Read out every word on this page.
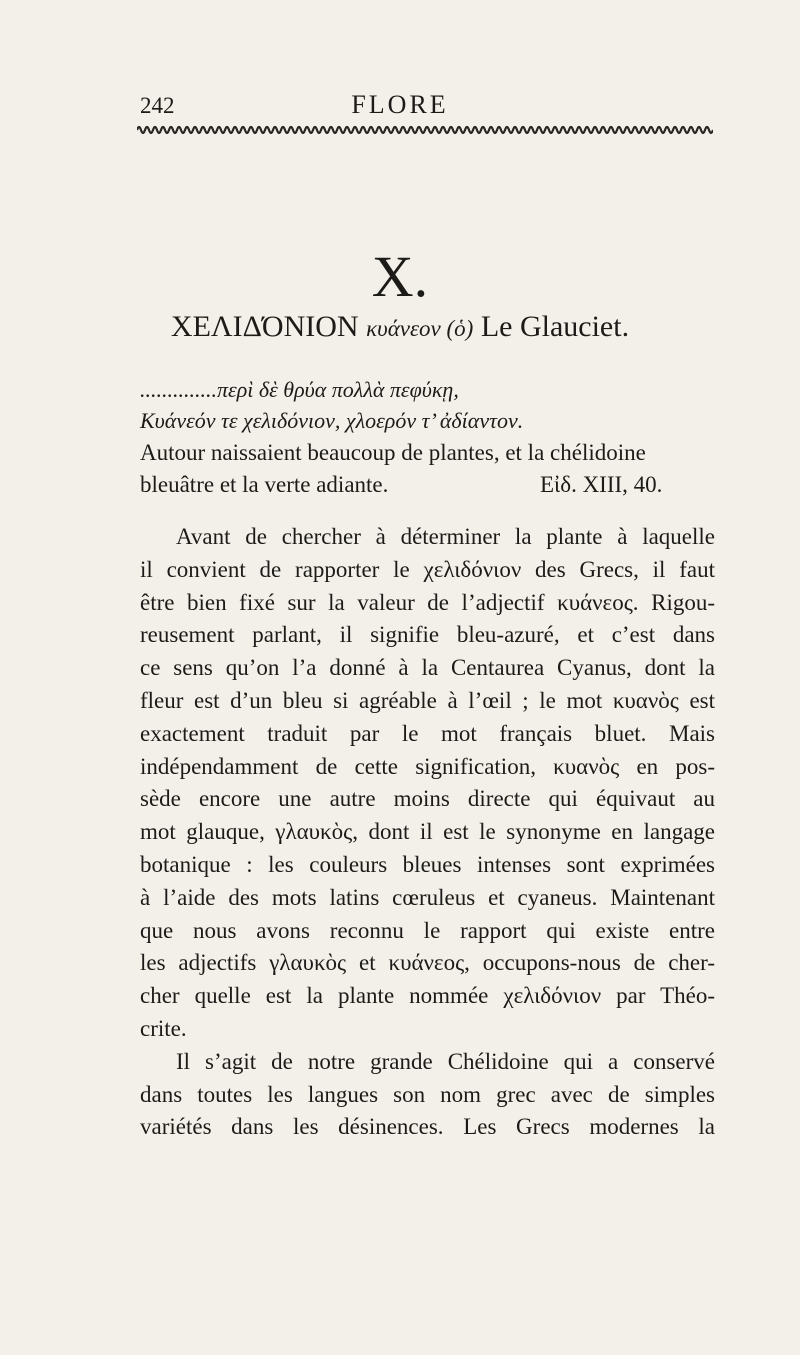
242	FLORE
X.
ΧΕΛΙΔΌΝΙΟΝ κυάνεον (ὁ) Le Glauciet.
..............περὶ δὲ θρύα πολλὰ πεφύκῃ,
Κυάνεόν τε χελιδόνιον, χλοερόν τ’ ἀδίαντον.
Autour naissaient beaucoup de plantes, et la chélidoine
bleuâtre et la verte adiante.	Εἰδ. XIII, 40.
Avant de chercher à déterminer la plante à laquelle
il convient de rapporter le χελιδόνιον des Grecs, il faut
être bien fixé sur la valeur de l’adjectif κυάνεος. Rigou-
reusement parlant, il signifie bleu-azuré, et c’est dans
ce sens qu’on l’a donné à la Centaurea Cyanus, dont la
fleur est d’un bleu si agréable à l’œil ; le mot κυανὸς est
exactement traduit par le mot français bluet. Mais
indépendamment de cette signification, κυανὸς en pos-
sède encore une autre moins directe qui équivaut au
mot glauque, γλαυκὸς, dont il est le synonyme en langage
botanique : les couleurs bleues intenses sont exprimées
à l’aide des mots latins cœruleus et cyaneus. Maintenant
que nous avons reconnu le rapport qui existe entre
les adjectifs γλαυκὸς et κυάνεος, occupons-nous de cher-
cher quelle est la plante nommée χελιδόνιον par Théo-
crite.
Il s’agit de notre grande Chélidoine qui a conservé
dans toutes les langues son nom grec avec de simples
variétés dans les désinences. Les Grecs modernes la
